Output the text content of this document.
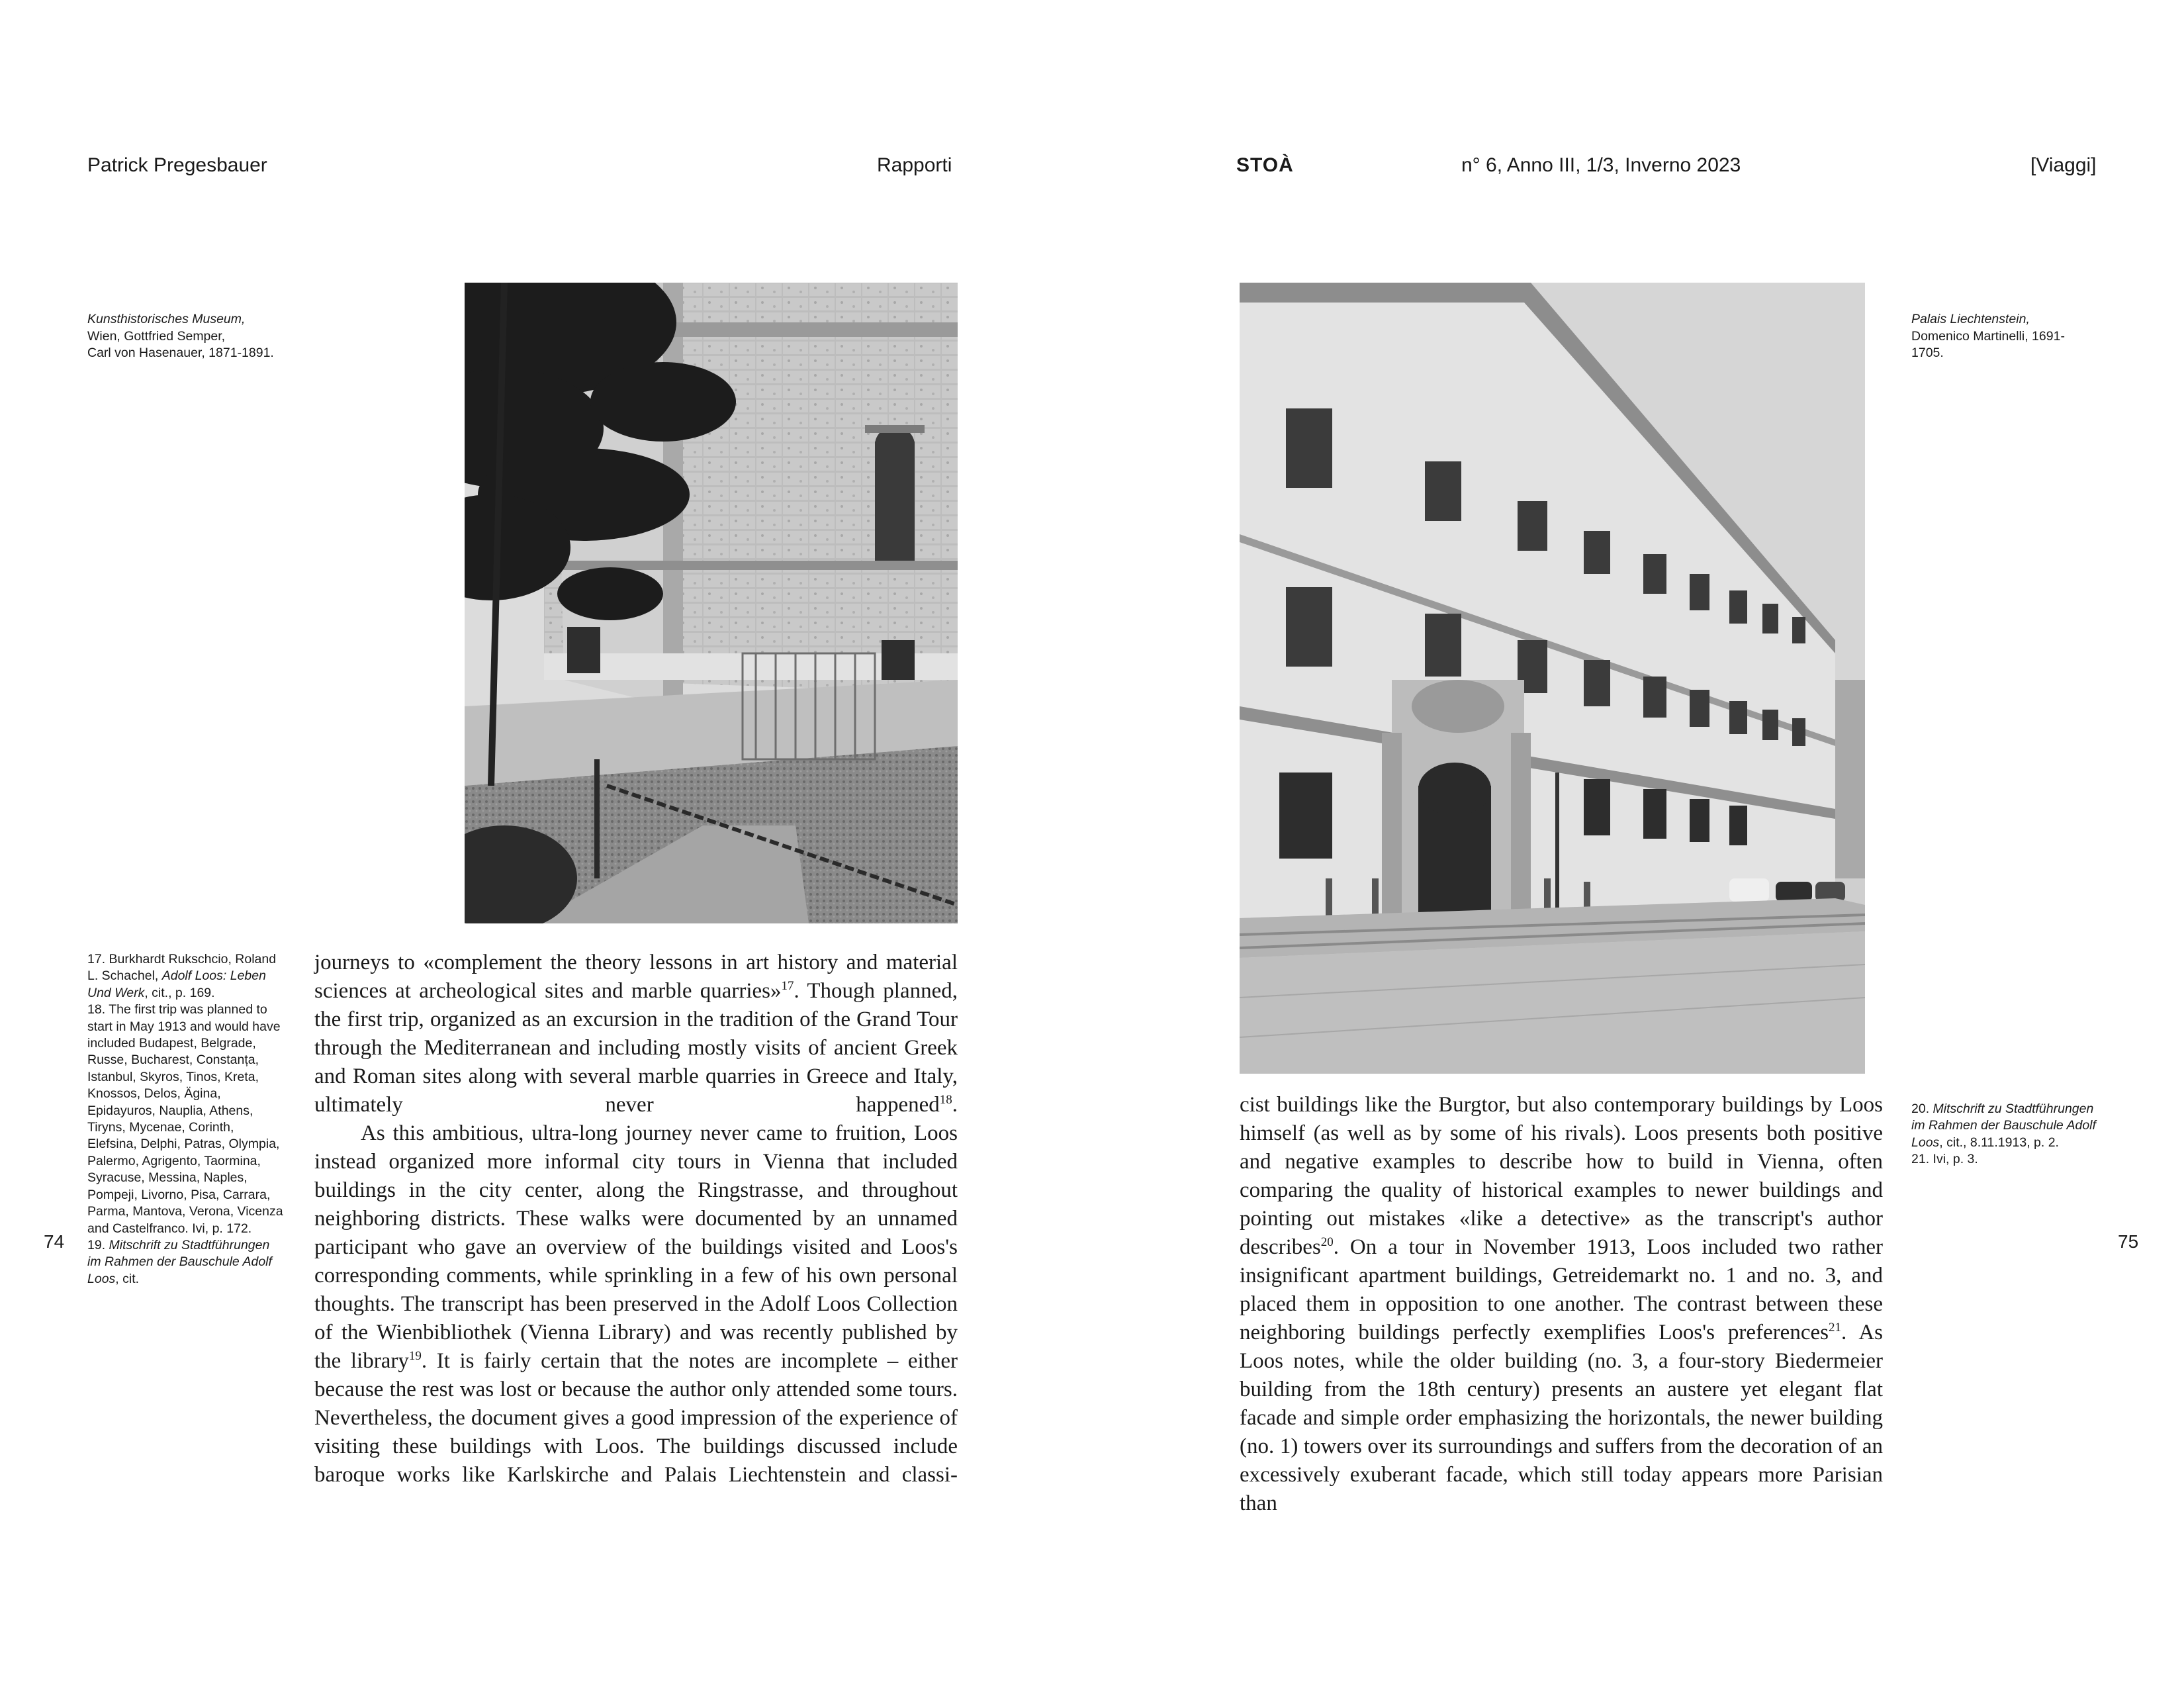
Patrick Pregesbauer	Rapporti
Kunsthistorisches Museum,
Wien, Gottfried Semper,
Carl von Hasenauer, 1871-1891.
17. Burkhardt Rukschcio, Roland L. Schachel, Adolf Loos: Leben Und Werk, cit., p. 169.
18. The first trip was planned to start in May 1913 and would have included Budapest, Belgrade, Russe, Bucharest, Constanța, Istanbul, Skyros, Tinos, Kreta, Knossos, Delos, Ägina, Epidayuros, Nauplia, Athens, Tiryns, Mycenae, Corinth, Elefsina, Delphi, Patras, Olympia, Palermo, Agrigento, Taormina, Syracuse, Messina, Naples, Pompeji, Livorno, Pisa, Carrara, Parma, Mantova, Verona, Vicenza and Castelfranco. Ivi, p. 172.
19. Mitschrift zu Stadtführungen im Rahmen der Bauschule Adolf Loos, cit.

journeys to «complement the theory lessons in art history and material sciences at archeological sites and marble quarries»$^{17}$. Though planned, the first trip, organized as an excursion in the tradition of the Grand Tour through the Mediterranean and including mostly visits of ancient Greek and Roman sites along with several marble quarries in Greece and Italy, ultimately never happened$^{18}$.

As this ambitious, ultra-long journey never came to fruition, Loos instead organized more informal city tours in Vienna that included buildings in the city center, along the Ringstrasse, and throughout neighboring districts. These walks were documented by an unnamed participant who gave an overview of the buildings visited and Loos's corresponding comments, while sprinkling in a few of his own personal thoughts. The transcript has been preserved in the Adolf Loos Collection of the Wienbibliothek (Vienna Library) and was recently published by the library$^{19}$. It is fairly certain that the notes are incomplete – either because the rest was lost or because the author only attended some tours. Nevertheless, the document gives a good impression of the experience of visiting these buildings with Loos. The buildings discussed include baroque works like Karlskirche and Palais Liechtenstein and classi-

74
STOÀ	n° 6, Anno III, 1/3, Inverno 2023	[Viaggi]
Palais Liechtenstein,
Domenico Martinelli, 1691-
1705.

cist buildings like the Burgtor, but also contemporary buildings by Loos himself (as well as by some of his rivals). Loos presents both positive and negative examples to describe how to build in Vienna, often comparing the quality of historical examples to newer buildings and pointing out mistakes «like a detective» as the transcript's author describes$^{20}$. On a tour in November 1913, Loos included two rather insignificant apartment buildings, Getreidemarkt no. 1 and no. 3, and placed them in opposition to one another. The contrast between these neighboring buildings perfectly exemplifies Loos's preferences$^{21}$. As Loos notes, while the older building (no. 3, a four-story Biedermeier building from the 18th century) presents an austere yet elegant flat facade and simple order emphasizing the horizontals, the newer building (no. 1) towers over its surroundings and suffers from the decoration of an excessively exuberant facade, which still today appears more Parisian than

20. Mitschrift zu Stadtführungen im Rahmen der Bauschule Adolf Loos, cit., 8.11.1913, p. 2.
21. Ivi, p. 3.
75
